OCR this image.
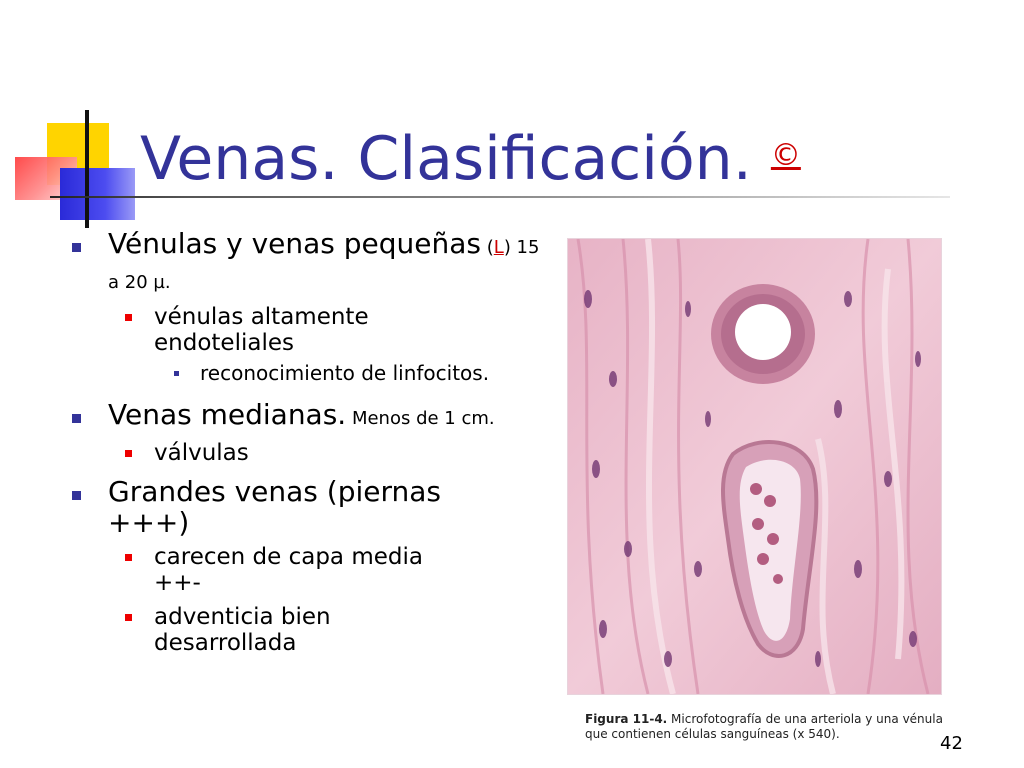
Venas. Clasificación. ©
Vénulas y venas pequeñas (L) 15 a 20 µ.
vénulas altamente endoteliales
reconocimiento de linfocitos.
Venas medianas. Menos de 1 cm.
válvulas
Grandes venas (piernas +++)
carecen de capa media ++-
adventicia bien desarrollada
Figura 11-4. Microfotografía de una arteriola y una vénula que contienen células sanguíneas (x 540).	42
